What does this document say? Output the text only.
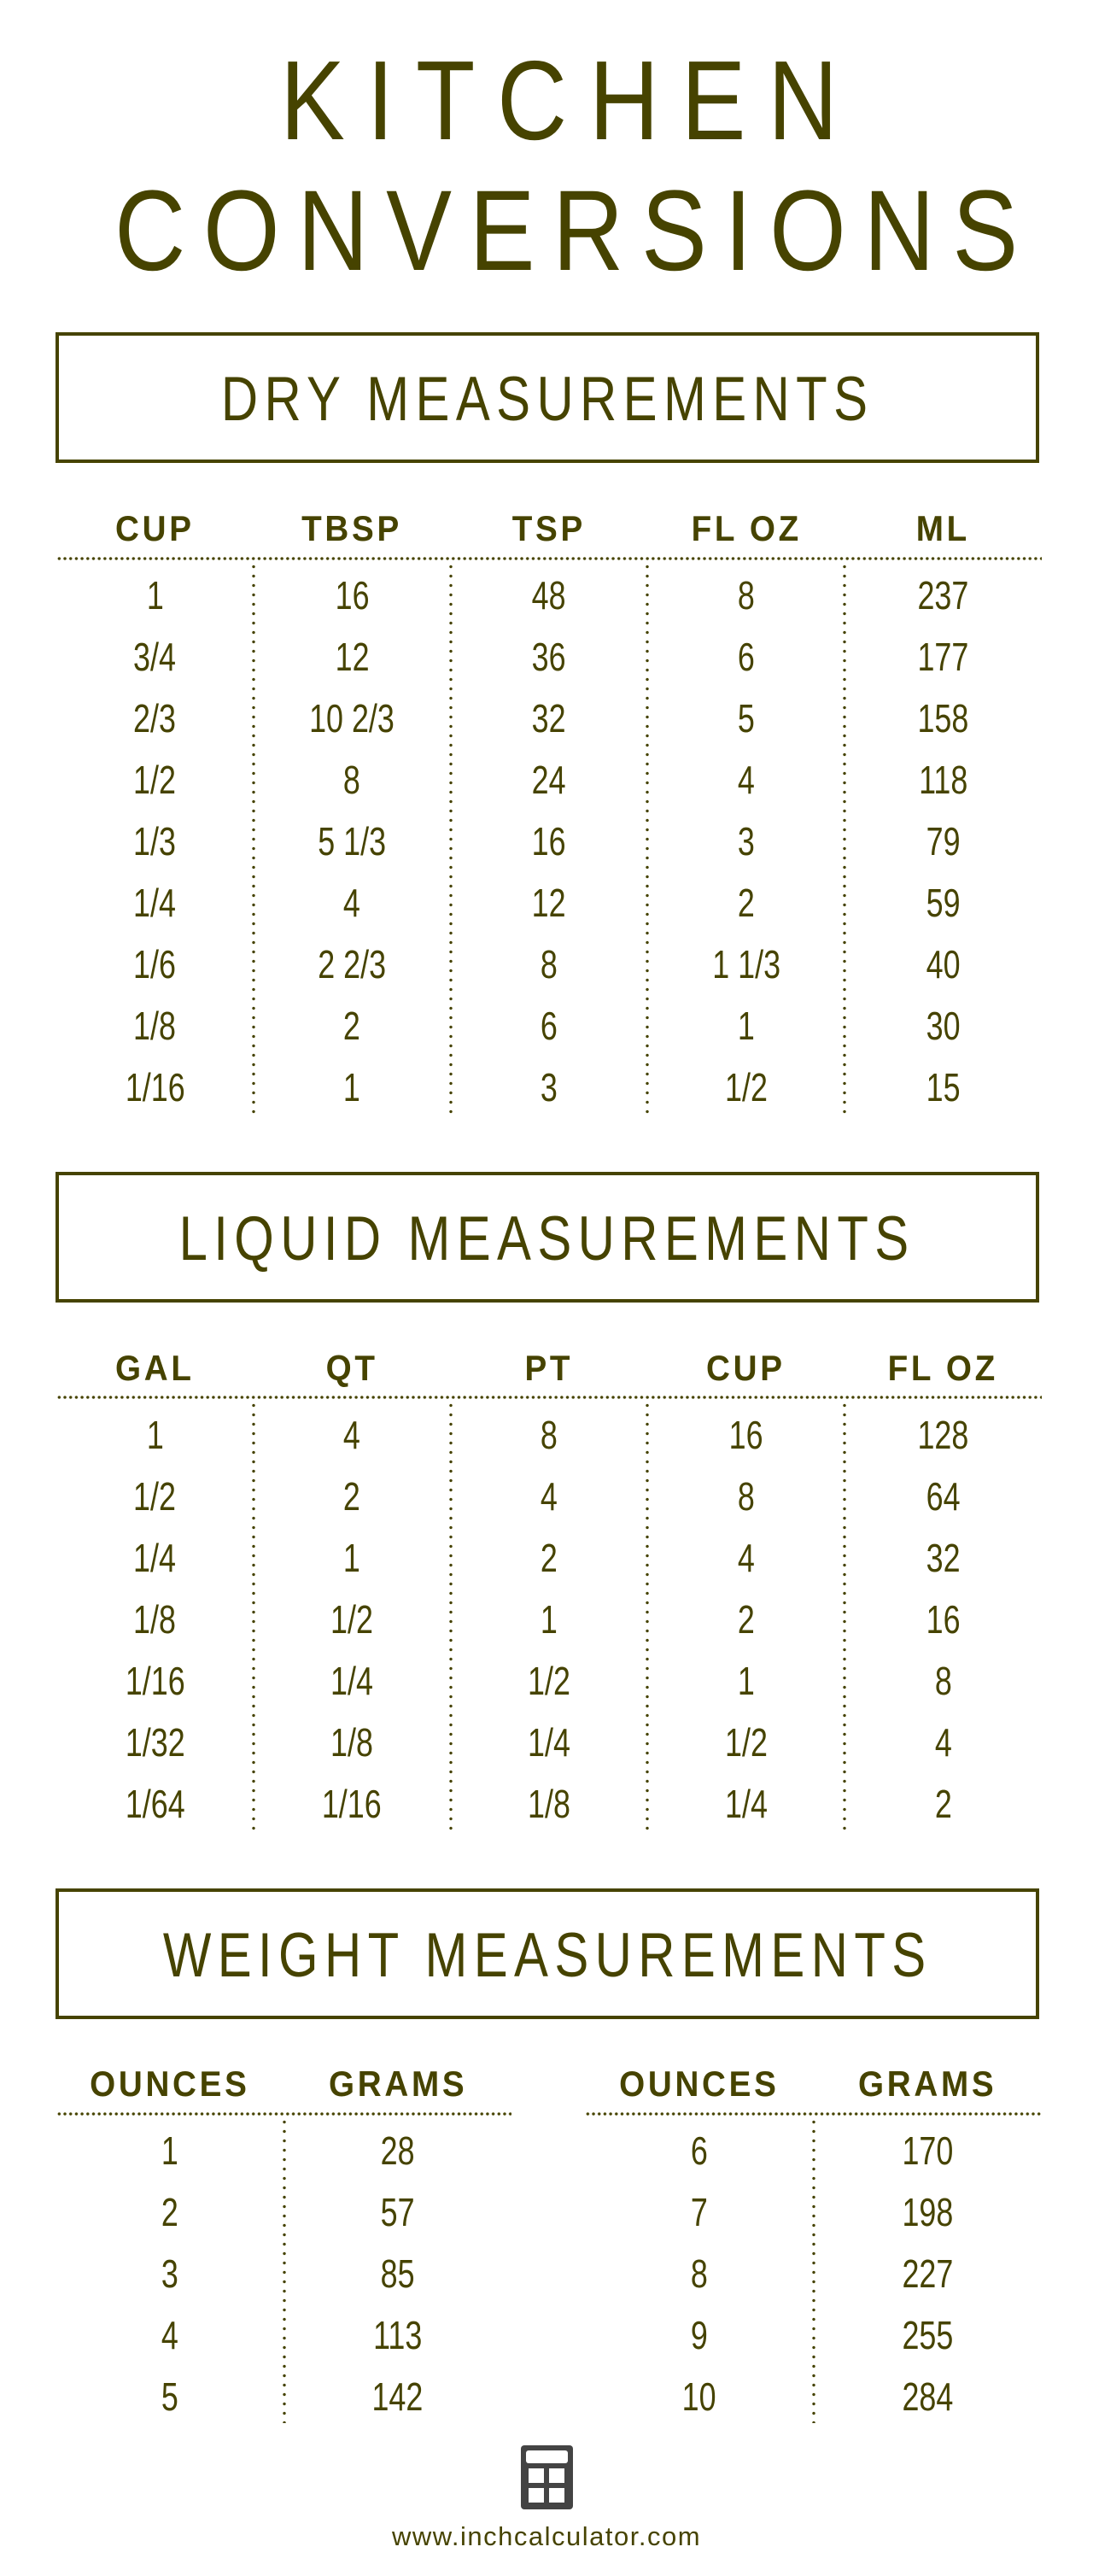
KITCHEN
CONVERSIONS
DRY MEASUREMENTS
CUP	TBSP	TSP	FL OZ	ML
1	16	48	8	237
3/4	12	36	6	177
2/3	10 2/3	32	5	158
1/2	8	24	4	118
1/3	5 1/3	16	3	79
1/4	4	12	2	59
1/6	2 2/3	8	1 1/3	40
1/8	2	6	1	30
1/16	1	3	1/2	15
LIQUID MEASUREMENTS
GAL	QT	PT	CUP	FL OZ
1	4	8	16	128
1/2	2	4	8	64
1/4	1	2	4	32
1/8	1/2	1	2	16
1/16	1/4	1/2	1	8
1/32	1/8	1/4	1/2	4
1/64	1/16	1/8	1/4	2
WEIGHT MEASUREMENTS
OUNCES	GRAMS
1	28
2	57
3	85
4	113
5	142
OUNCES	GRAMS
6	170
7	198
8	227
9	255
10	284
www.inchcalculator.com
